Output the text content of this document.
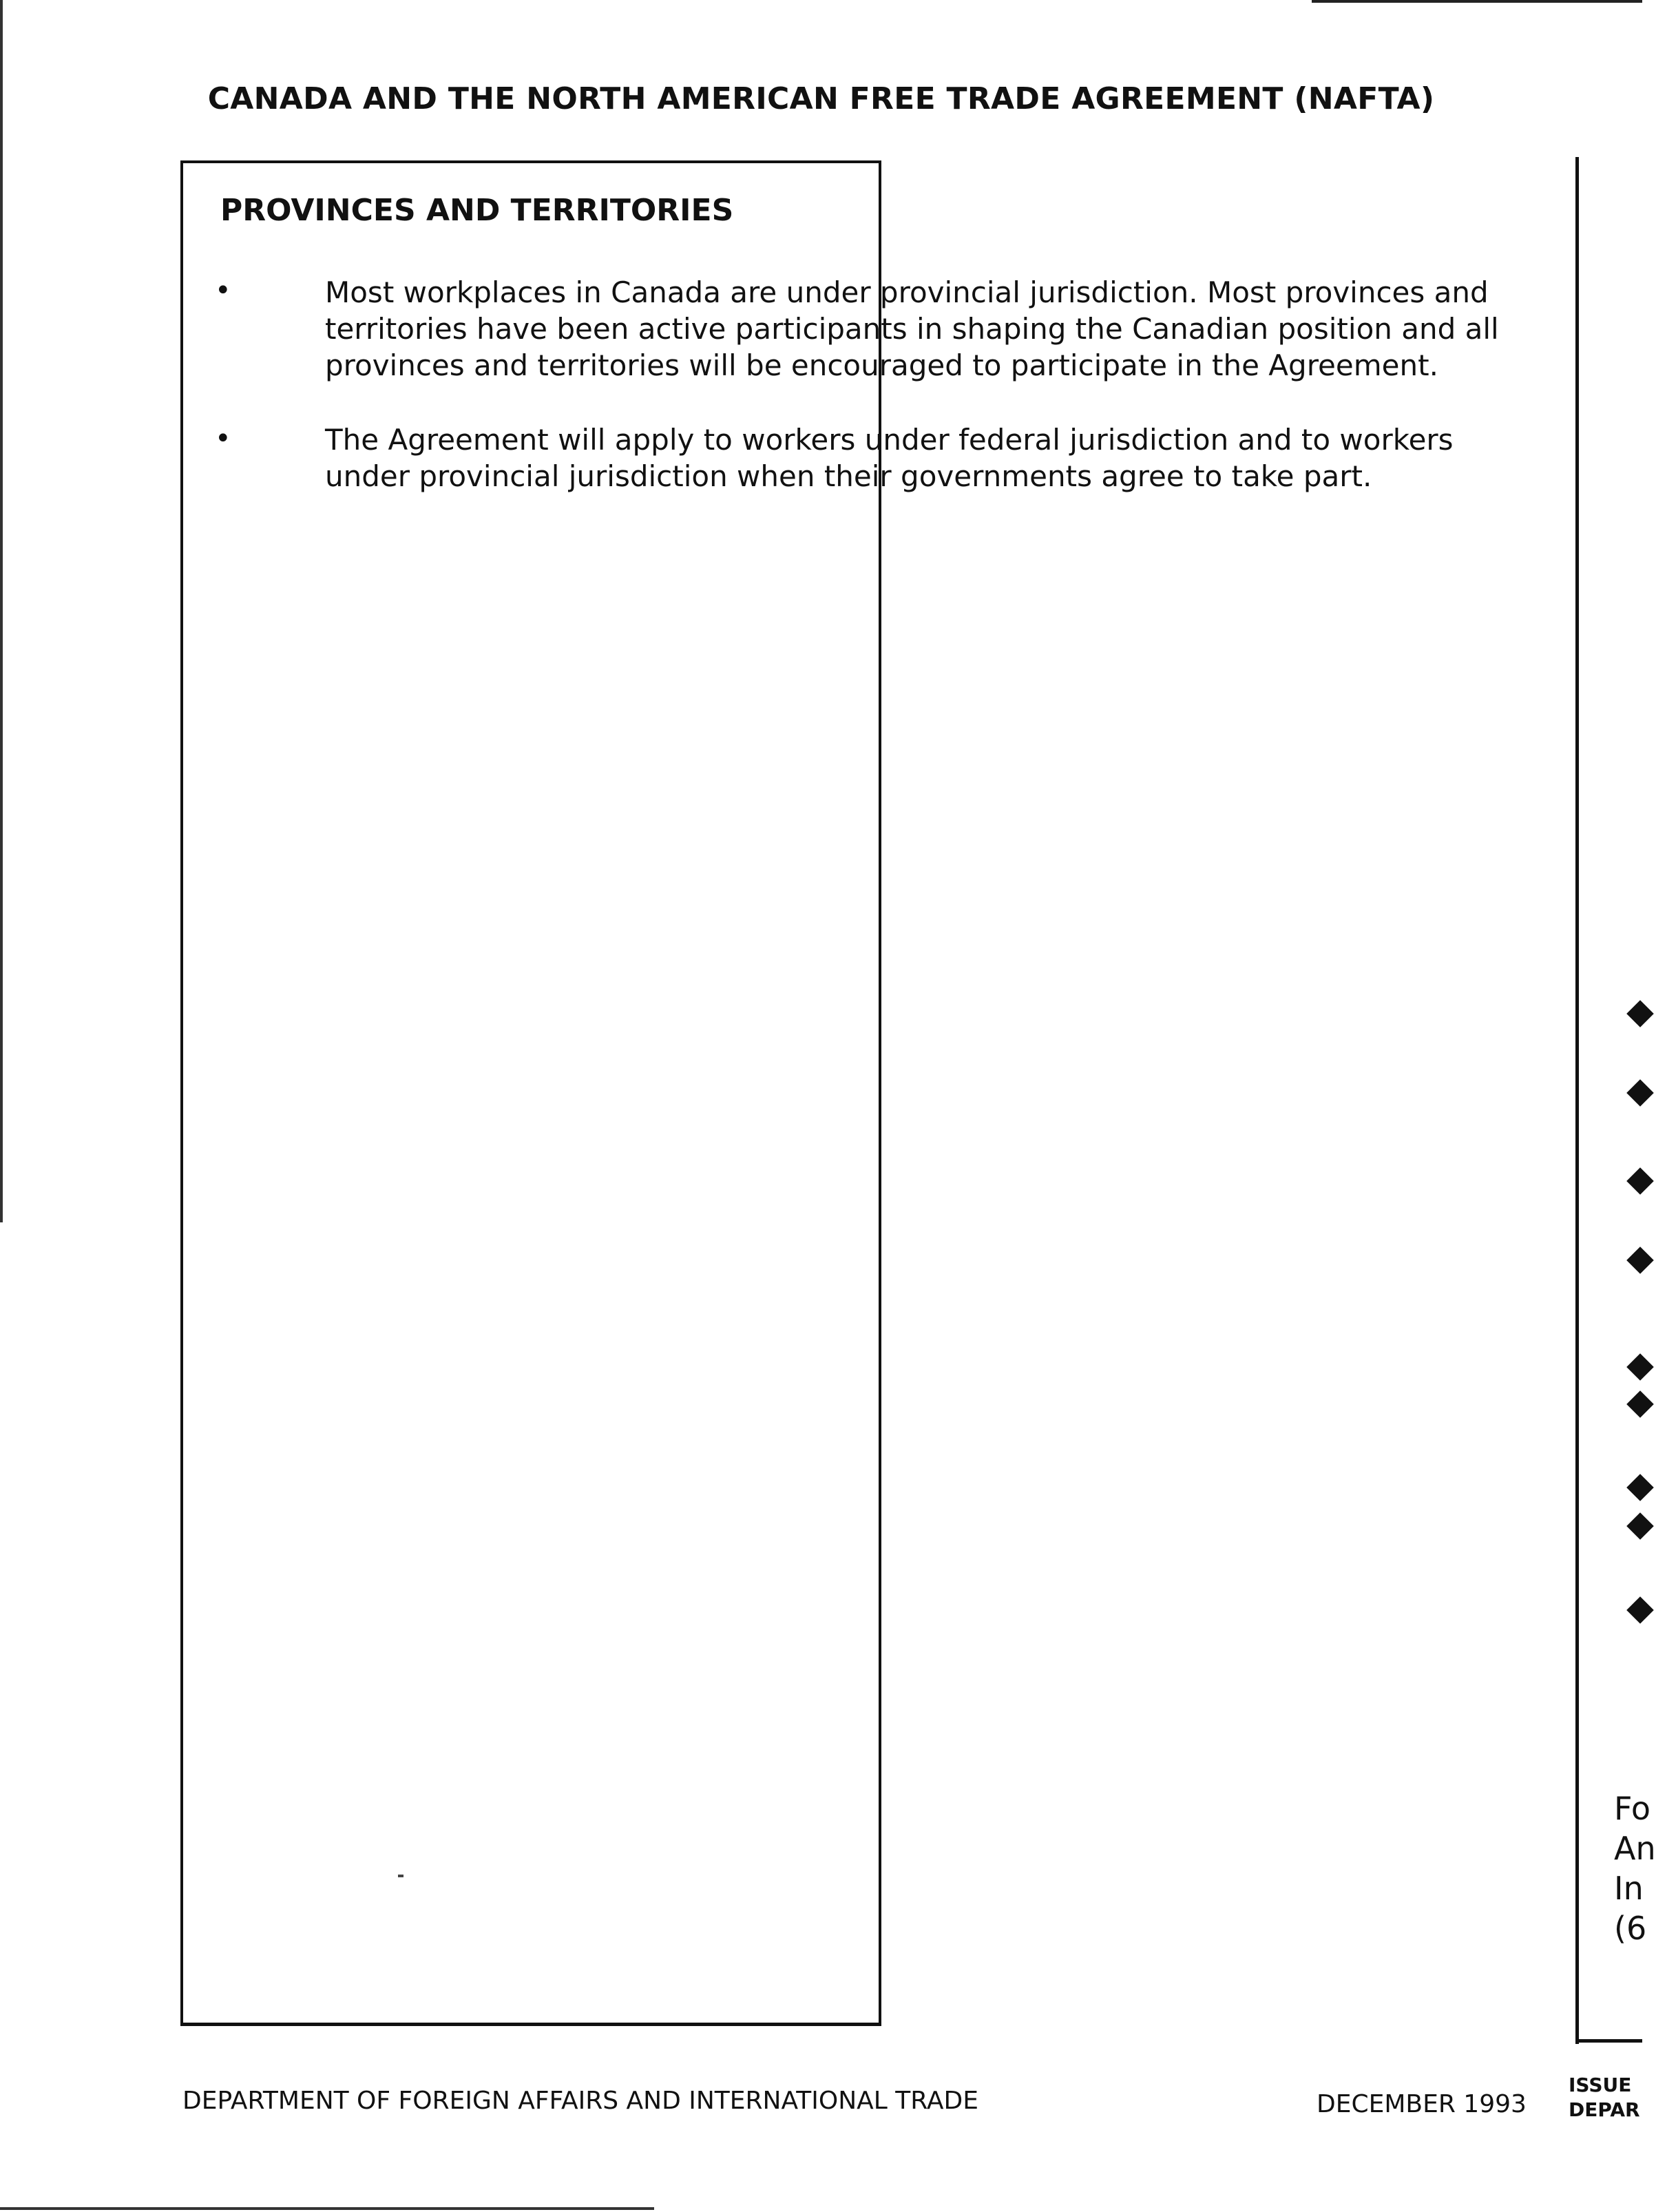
CANADA AND THE NORTH AMERICAN FREE TRADE AGREEMENT (NAFTA)
PROVINCES AND TERRITORIES
•	Most workplaces in Canada are under provincial jurisdiction. Most provinces and territories have been active participants in shaping the Canadian position and all provinces and territories will be encouraged to participate in the Agreement.
•	The Agreement will apply to workers under federal jurisdiction and to workers under provincial jurisdiction when their governments agree to take part.
Fo
An
In
(6
ISSUE
DEPAR
DEPARTMENT OF FOREIGN AFFAIRS AND INTERNATIONAL TRADE	DECEMBER 1993
